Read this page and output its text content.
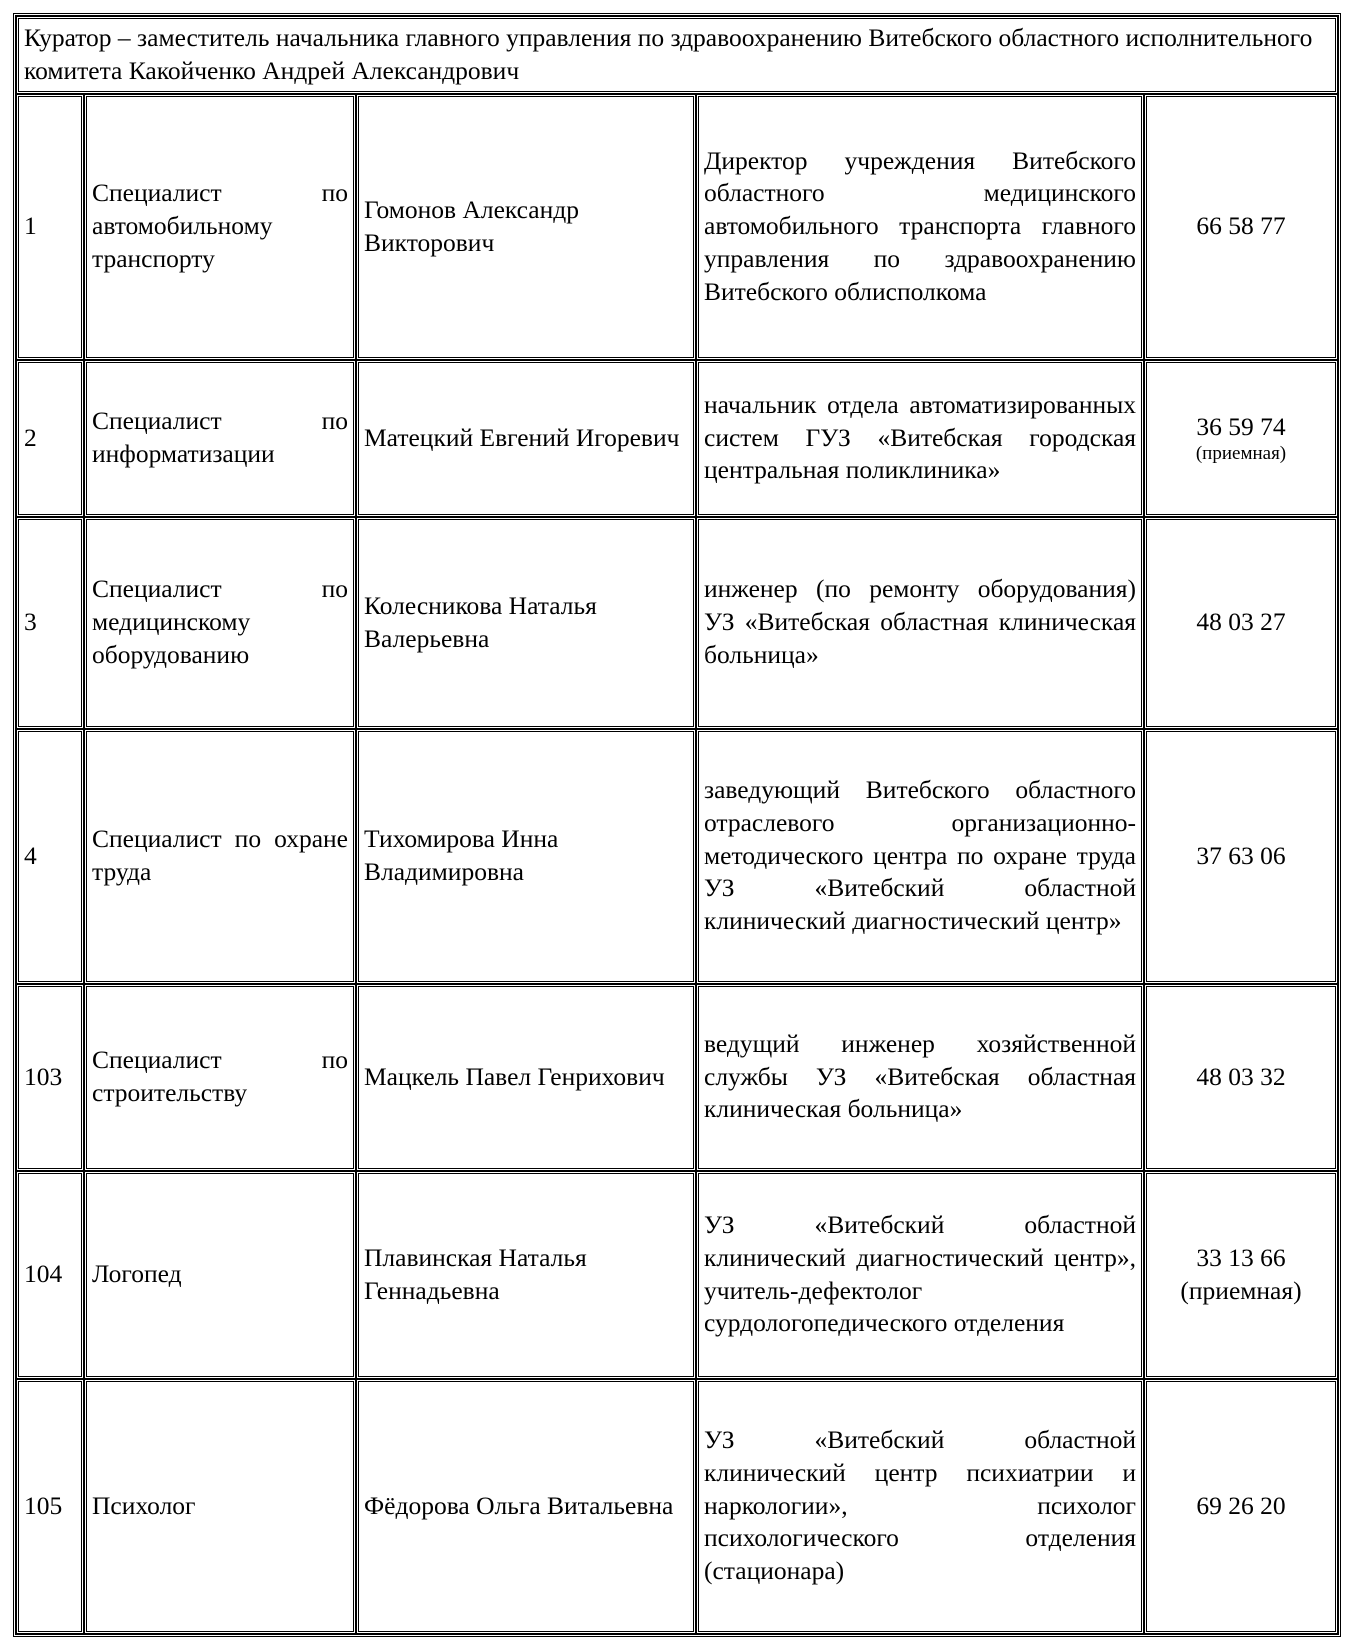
Куратор – заместитель начальника главного управления по здравоохранению Витебского областного исполнительного комитета Какойченко Андрей Александрович				
1	Специалист по автомобильному транспорту	Гомонов Александр Викторович	Директор учреждения Витебского областного медицинского автомобильного транспорта главного управления по здравоохранению Витебского облисполкома	66 58 77

2	Специалист по информатизации	Матецкий Евгений Игоревич	начальник отдела автоматизированных систем ГУЗ «Витебская городская центральная поликлиника»	36 59 74
(приемная)

3	Специалист по медицинскому оборудованию	Колесникова Наталья Валерьевна	инженер (по ремонту оборудования) УЗ «Витебская областная клиническая больница»	48 03 27

4	Специалист по охране труда	Тихомирова Инна Владимировна	заведующий Витебского областного отраслевого организационно-методического центра по охране труда УЗ «Витебский областной клинический диагностический центр»	37 63 06

103	Специалист по строительству	Мацкель Павел Генрихович	ведущий инженер хозяйственной службы УЗ «Витебская областная клиническая больница»	48 03 32

104	Логопед	Плавинская Наталья Геннадьевна	УЗ «Витебский областной клинический диагностический центр», учитель-дефектолог сурдологопедического отделения	33 13 66
(приемная)

105	Психолог	Фёдорова Ольга Витальевна	УЗ «Витебский областной клинический центр психиатрии и наркологии», психолог психологического отделения (стационара)	69 26 20
